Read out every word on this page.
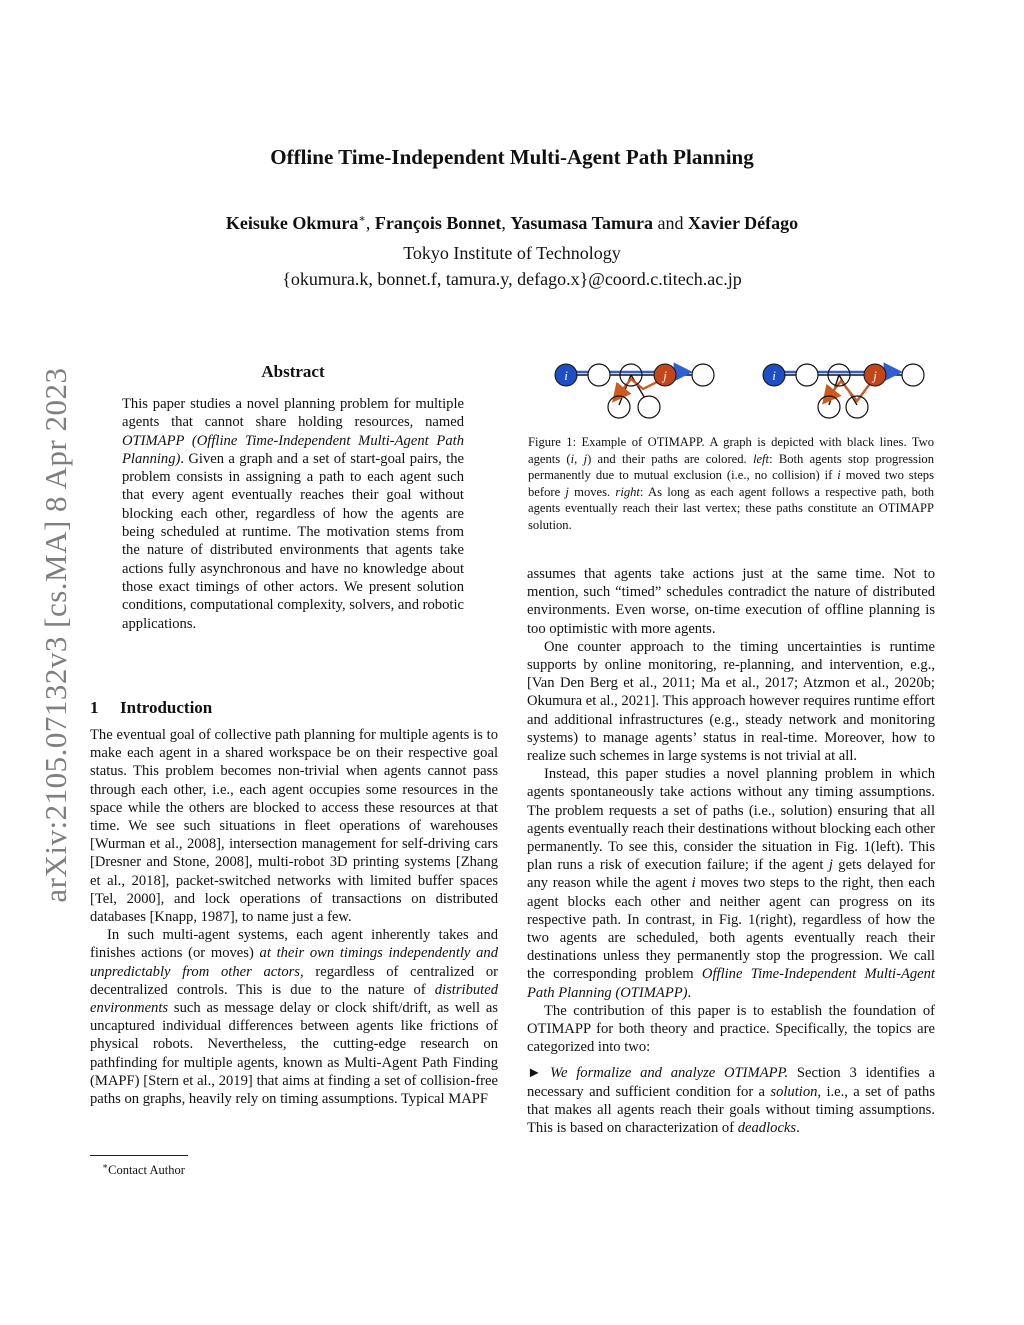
Offline Time-Independent Multi-Agent Path Planning
Keisuke Okmura∗, François Bonnet, Yasumasa Tamura and Xavier Défago
Tokyo Institute of Technology
{okumura.k, bonnet.f, tamura.y, defago.x}@coord.c.titech.ac.jp
arXiv:2105.07132v3 [cs.MA] 8 Apr 2023	Abstract
This paper studies a novel planning problem for multiple agents that cannot share holding resources, named OTIMAPP (Offline Time-Independent Multi-Agent Path Planning). Given a graph and a set of start-goal pairs, the problem consists in assigning a path to each agent such that every agent eventually reaches their goal without blocking each other, regardless of how the agents are being scheduled at runtime. The motivation stems from the nature of distributed environments that agents take actions fully asynchronous and have no knowledge about those exact timings of other actors. We present solution conditions, computational complexity, solvers, and robotic applications.
1 Introduction

The eventual goal of collective path planning for multiple agents is to make each agent in a shared workspace be on their respective goal status. This problem becomes non-trivial when agents cannot pass through each other, i.e., each agent occupies some resources in the space while the others are blocked to access these resources at that time. We see such situations in fleet operations of warehouses [Wurman et al., 2008], intersection management for self-driving cars [Dresner and Stone, 2008], multi-robot 3D printing systems [Zhang et al., 2018], packet-switched networks with limited buffer spaces [Tel, 2000], and lock operations of transactions on distributed databases [Knapp, 1987], to name just a few.

In such multi-agent systems, each agent inherently takes and finishes actions (or moves) at their own timings independently and unpredictably from other actors, regardless of centralized or decentralized controls. This is due to the nature of distributed environments such as message delay or clock shift/drift, as well as uncaptured individual differences between agents like frictions of physical robots. Nevertheless, the cutting-edge research on pathfinding for multiple agents, known as Multi-Agent Path Finding (MAPF) [Stern et al., 2019] that aims at finding a set of collision-free paths on graphs, heavily rely on timing assumptions. Typical MAPF

∗Contact Author
i	j	i	j
Figure 1: Example of OTIMAPP. A graph is depicted with black lines. Two agents (i, j) and their paths are colored. left: Both agents stop progression permanently due to mutual exclusion (i.e., no collision) if i moved two steps before j moves. right: As long as each agent follows a respective path, both agents eventually reach their last vertex; these paths constitute an OTIMAPP solution.

assumes that agents take actions just at the same time. Not to mention, such “timed” schedules contradict the nature of distributed environments. Even worse, on-time execution of offline planning is too optimistic with more agents.

One counter approach to the timing uncertainties is runtime supports by online monitoring, re-planning, and intervention, e.g., [Van Den Berg et al., 2011; Ma et al., 2017; Atzmon et al., 2020b; Okumura et al., 2021]. This approach however requires runtime effort and additional infrastructures (e.g., steady network and monitoring systems) to manage agents’ status in real-time. Moreover, how to realize such schemes in large systems is not trivial at all.

Instead, this paper studies a novel planning problem in which agents spontaneously take actions without any timing assumptions. The problem requests a set of paths (i.e., solution) ensuring that all agents eventually reach their destinations without blocking each other permanently. To see this, consider the situation in Fig. 1(left). This plan runs a risk of execution failure; if the agent j gets delayed for any reason while the agent i moves two steps to the right, then each agent blocks each other and neither agent can progress on its respective path. In contrast, in Fig. 1(right), regardless of how the two agents are scheduled, both agents eventually reach their destinations unless they permanently stop the progression. We call the corresponding problem Offline Time-Independent Multi-Agent Path Planning (OTIMAPP).

The contribution of this paper is to establish the foundation of OTIMAPP for both theory and practice. Specifically, the topics are categorized into two:

► We formalize and analyze OTIMAPP. Section 3 identifies a necessary and sufficient condition for a solution, i.e., a set of paths that makes all agents reach their goals without timing assumptions. This is based on characterization of deadlocks.
